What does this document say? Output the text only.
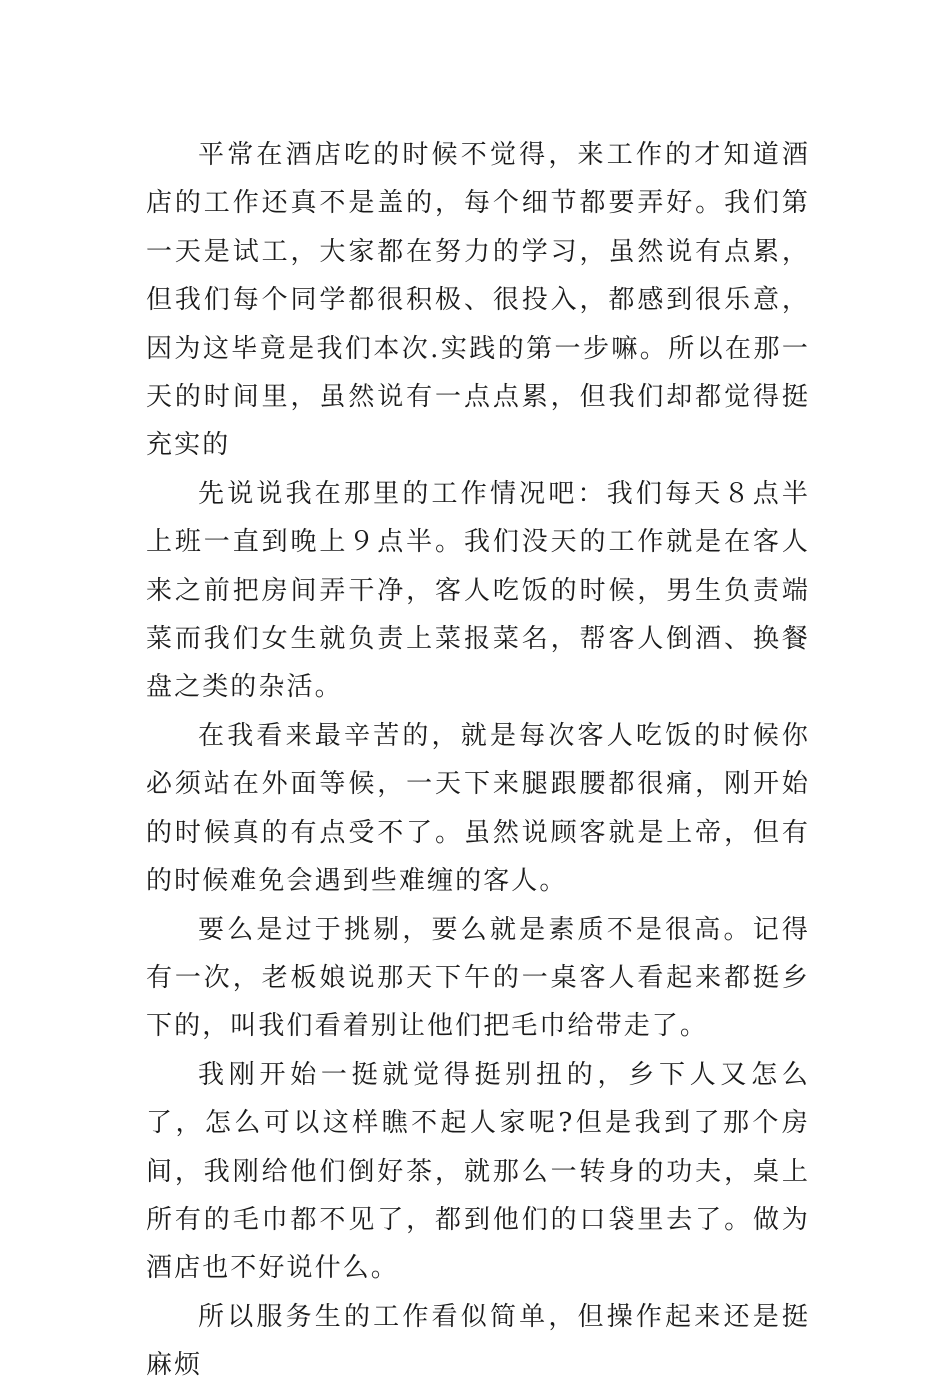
平常在酒店吃的时候不觉得，来工作的才知道酒店的工作还真不是盖的，每个细节都要弄好。我们第一天是试工，大家都在努力的学习，虽然说有点累，但我们每个同学都很积极、很投入，都感到很乐意，因为这毕竟是我们本次.实践的第一步嘛。所以在那一天的时间里，虽然说有一点点累，但我们却都觉得挺充实的

先说说我在那里的工作情况吧：我们每天８点半上班一直到晚上９点半。我们没天的工作就是在客人来之前把房间弄干净，客人吃饭的时候，男生负责端菜而我们女生就负责上菜报菜名，帮客人倒酒、换餐盘之类的杂活。

在我看来最辛苦的，就是每次客人吃饭的时候你必须站在外面等候，一天下来腿跟腰都很痛，刚开始的时候真的有点受不了。虽然说顾客就是上帝，但有的时候难免会遇到些难缠的客人。

要么是过于挑剔，要么就是素质不是很高。记得有一次，老板娘说那天下午的一桌客人看起来都挺乡下的，叫我们看着别让他们把毛巾给带走了。

我刚开始一挺就觉得挺别扭的，乡下人又怎么了，怎么可以这样瞧不起人家呢?但是我到了那个房间，我刚给他们倒好茶，就那么一转身的功夫，桌上所有的毛巾都不见了，都到他们的口袋里去了。做为酒店也不好说什么。

所以服务生的工作看似简单，但操作起来还是挺麻烦
